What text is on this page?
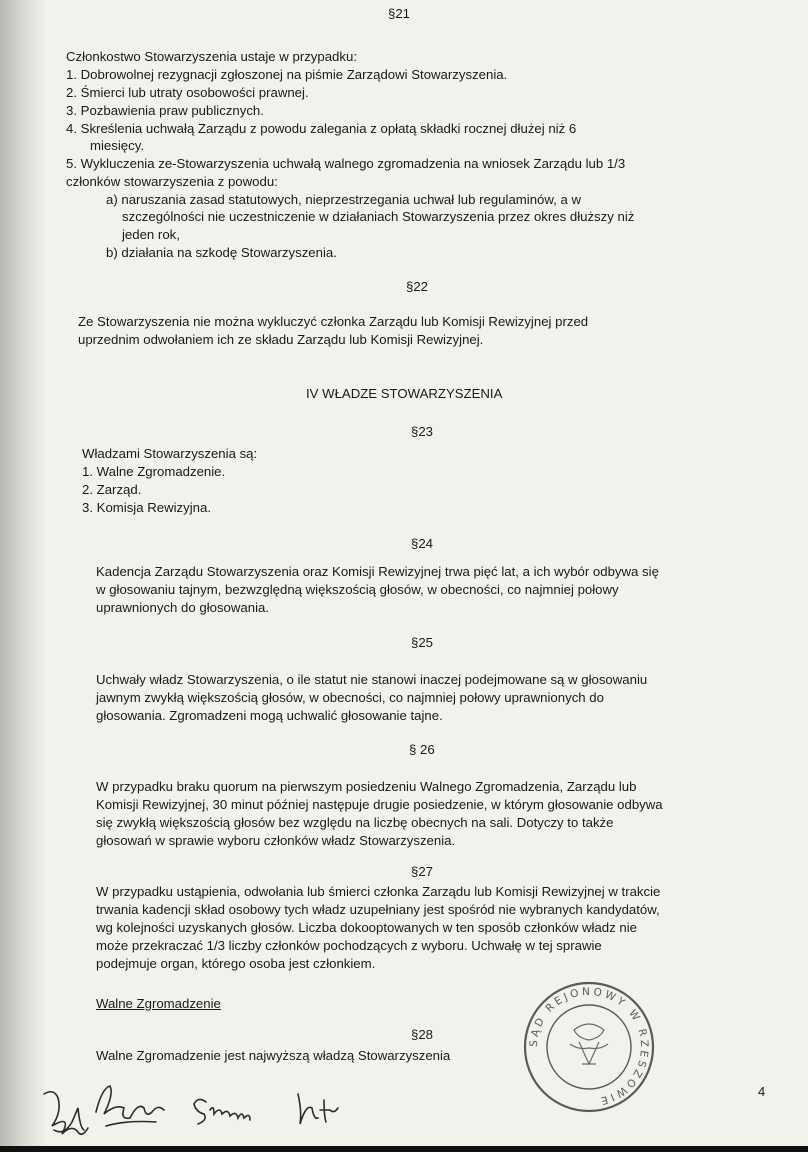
§21
Członkostwo Stowarzyszenia ustaje w przypadku:
1. Dobrowolnej rezygnacji zgłoszonej na piśmie Zarządowi Stowarzyszenia.
2. Śmierci lub utraty osobowości prawnej.
3. Pozbawienia praw publicznych.
4. Skreślenia uchwałą Zarządu z powodu zalegania z opłatą składki rocznej dłużej niż 6
miesięcy.
5. Wykluczenia ze-Stowarzyszenia uchwałą walnego zgromadzenia na wniosek Zarządu lub 1/3
członków stowarzyszenia z powodu:
a) naruszania zasad statutowych, nieprzestrzegania uchwał lub regulaminów, a w
szczególności nie uczestniczenie w działaniach Stowarzyszenia przez okres dłuższy niż
jeden rok,
b) działania na szkodę Stowarzyszenia.
§22
Ze Stowarzyszenia nie można wykluczyć członka Zarządu lub Komisji Rewizyjnej przed
uprzednim odwołaniem ich ze składu Zarządu lub Komisji Rewizyjnej.
IV WŁADZE STOWARZYSZENIA
§23
Władzami Stowarzyszenia są:
1. Walne Zgromadzenie.
2. Zarząd.
3. Komisja Rewizyjna.
§24
Kadencja Zarządu Stowarzyszenia oraz Komisji Rewizyjnej trwa pięć lat, a ich wybór odbywa się
w głosowaniu tajnym, bezwzględną większością głosów, w obecności, co najmniej połowy
uprawnionych do głosowania.
§25
Uchwały władz Stowarzyszenia, o ile statut nie stanowi inaczej podejmowane są w głosowaniu
jawnym zwykłą większością głosów, w obecności, co najmniej połowy uprawnionych do
głosowania. Zgromadzeni mogą uchwalić głosowanie tajne.
§ 26
W przypadku braku quorum na pierwszym posiedzeniu Walnego Zgromadzenia, Zarządu lub
Komisji Rewizyjnej, 30 minut później następuje drugie posiedzenie, w którym głosowanie odbywa
się zwykłą większością głosów bez względu na liczbę obecnych na sali. Dotyczy to także
głosowań w sprawie wyboru członków władz Stowarzyszenia.
§27
W przypadku ustąpienia, odwołania lub śmierci członka Zarządu lub Komisji Rewizyjnej w trakcie
trwania kadencji skład osobowy tych władz uzupełniany jest spośród nie wybranych kandydatów,
wg kolejności uzyskanych głosów. Liczba dokooptowanych w ten sposób członków władz nie
może przekraczać 1/3 liczby członków pochodzących z wyboru. Uchwałę w tej sprawie
podejmuje organ, którego osoba jest członkiem.
Walne Zgromadzenie
§28
Walne Zgromadzenie jest najwyższą władzą Stowarzyszenia
4
SĄD REJONOWY W RZESZOWIE
